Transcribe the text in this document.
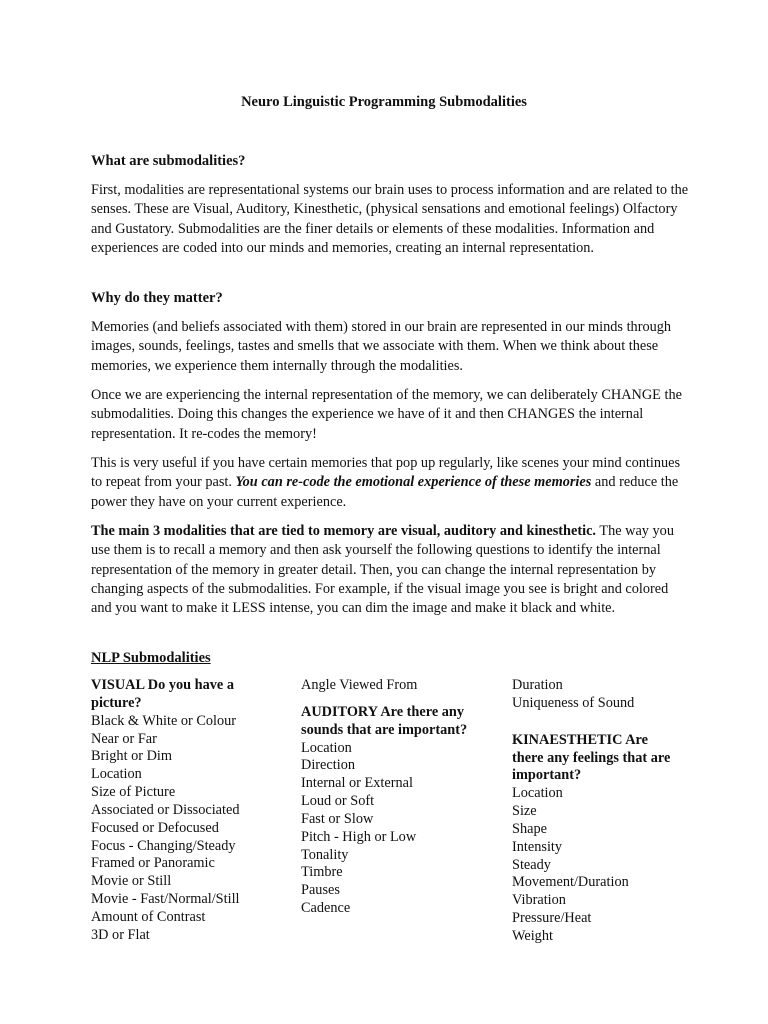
Neuro Linguistic Programming Submodalities
What are submodalities?

First, modalities are representational systems our brain uses to process information and are related to the senses. These are Visual, Auditory, Kinesthetic, (physical sensations and emotional feelings) Olfactory and Gustatory. Submodalities are the finer details or elements of these modalities. Information and experiences are coded into our minds and memories, creating an internal representation.

Why do they matter?

Memories (and beliefs associated with them) stored in our brain are represented in our minds through images, sounds, feelings, tastes and smells that we associate with them. When we think about these memories, we experience them internally through the modalities.

Once we are experiencing the internal representation of the memory, we can deliberately CHANGE the submodalities. Doing this changes the experience we have of it and then CHANGES the internal representation. It re-codes the memory!

This is very useful if you have certain memories that pop up regularly, like scenes your mind continues to repeat from your past. You can re-code the emotional experience of these memories and reduce the power they have on your current experience.

The main 3 modalities that are tied to memory are visual, auditory and kinesthetic. The way you use them is to recall a memory and then ask yourself the following questions to identify the internal representation of the memory in greater detail. Then, you can change the internal representation by changing aspects of the submodalities. For example, if the visual image you see is bright and colored and you want to make it LESS intense, you can dim the image and make it black and white.

NLP Submodalities
VISUAL Do you have a picture?
Black & White or Colour
Near or Far
Bright or Dim
Location
Size of Picture
Associated or Dissociated
Focused or Defocused
Focus - Changing/Steady
Framed or Panoramic
Movie or Still
Movie - Fast/Normal/Still
Amount of Contrast
3D or Flat
Angle Viewed From
AUDITORY Are there any sounds that are important?
Location
Direction
Internal or External
Loud or Soft
Fast or Slow
Pitch - High or Low
Tonality
Timbre
Pauses
Cadence
Duration
Uniqueness of Sound
KINAESTHETIC Are there any feelings that are important?
Location
Size
Shape
Intensity
Steady
Movement/Duration
Vibration
Pressure/Heat
Weight
